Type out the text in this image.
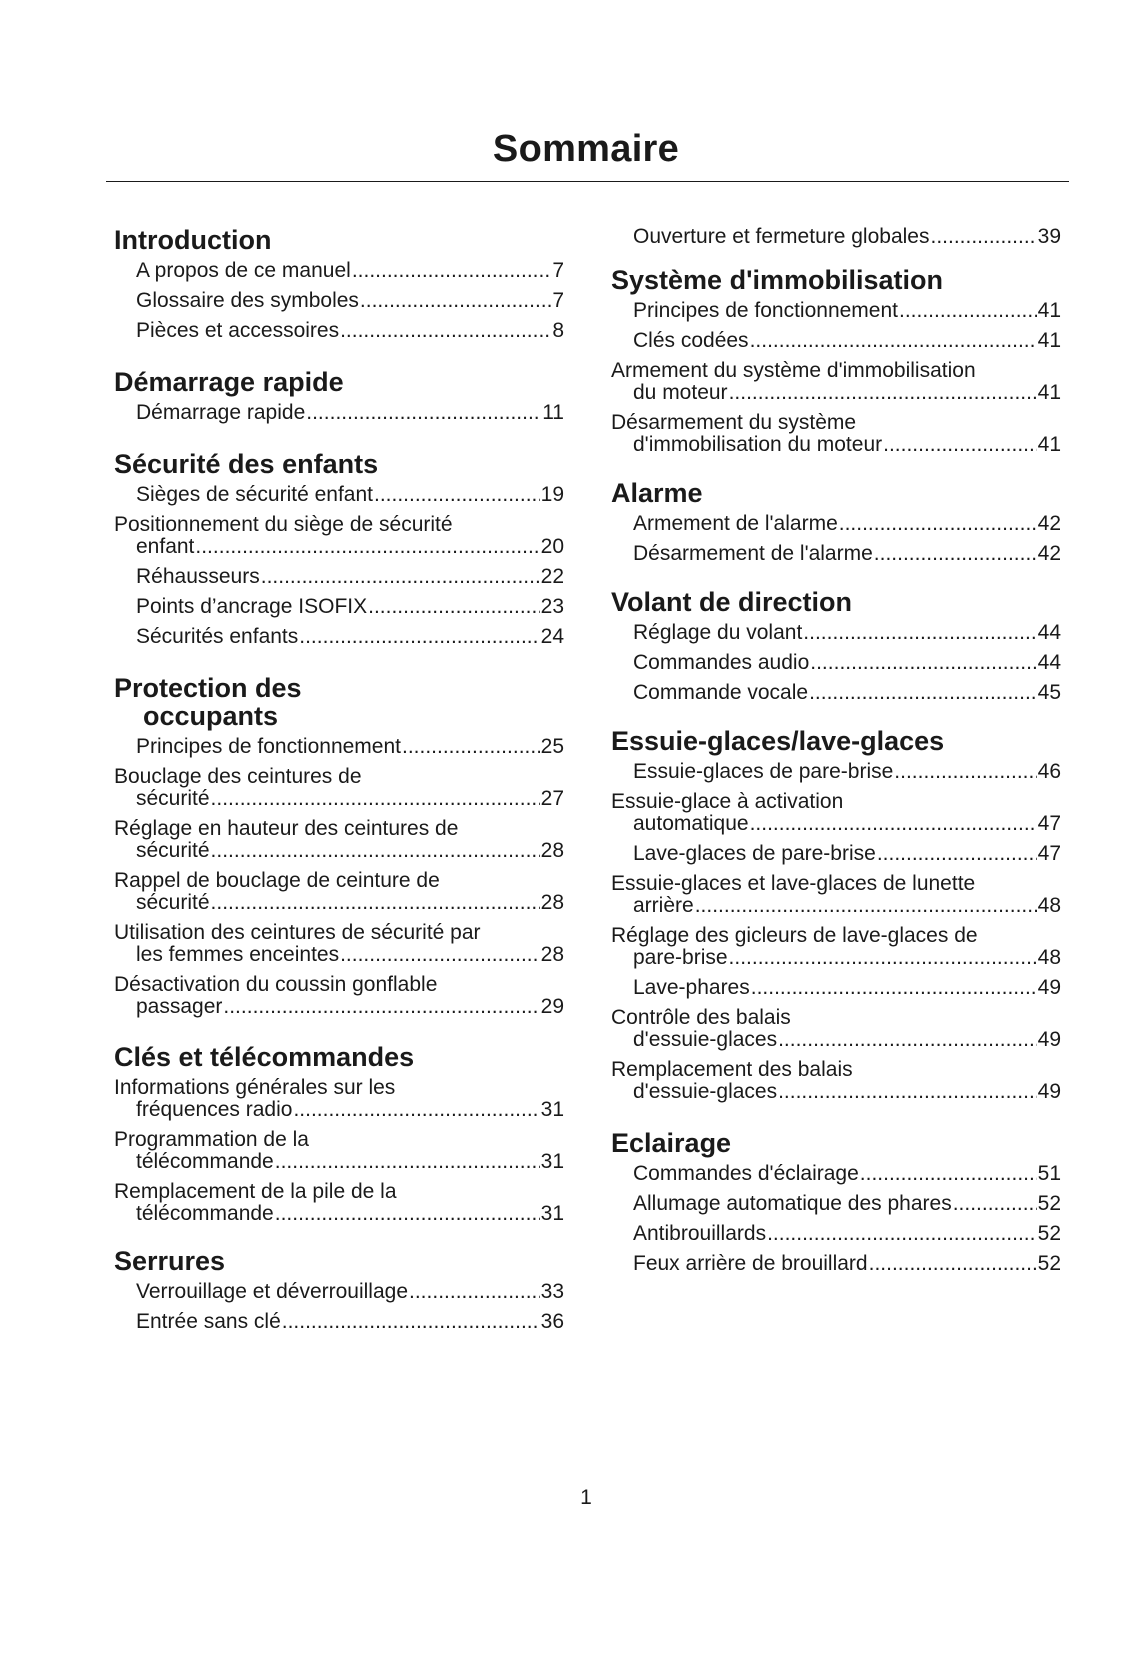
Sommaire
Introduction
A propos de ce manuel .....	7
Glossaire des symboles .....	7
Pièces et accessoires .....	8
Démarrage rapide
Démarrage rapide .....	11
Sécurité des enfants
Sièges de sécurité enfant .....	19
Positionnement du siège de sécurité

enfant .....	20
Réhausseurs .....	22
Points d’ancrage ISOFIX .....	23
Sécurités enfants .....	24
Protection des occupants
Principes de fonctionnement .....	25
Bouclage des ceintures de

sécurité .....	27
Réglage en hauteur des ceintures de

sécurité .....	28
Rappel de bouclage de ceinture de

sécurité .....	28
Utilisation des ceintures de sécurité par

les femmes enceintes .....	28
Désactivation du coussin gonflable

passager .....	29
Clés et télécommandes
Informations générales sur les

fréquences radio .....	31
Programmation de la

télécommande .....	31
Remplacement de la pile de la

télécommande .....	31
Serrures
Verrouillage et déverrouillage .....	33
Entrée sans clé .....	36
Ouverture et fermeture globales .....	39
Système d'immobilisation
Principes de fonctionnement .....	41
Clés codées .....	41
Armement du système d'immobilisation

du moteur .....	41
Désarmement du système

d'immobilisation du moteur .....	41
Alarme
Armement de l'alarme .....	42
Désarmement de l'alarme .....	42
Volant de direction
Réglage du volant .....	44
Commandes audio .....	44
Commande vocale .....	45
Essuie-glaces/lave-glaces
Essuie-glaces de pare-brise .....	46
Essuie-glace à activation

automatique .....	47
Lave-glaces de pare-brise .....	47
Essuie-glaces et lave-glaces de lunette

arrière .....	48
Réglage des gicleurs de lave-glaces de

pare-brise .....	48
Lave-phares .....	49
Contrôle des balais

d'essuie-glaces .....	49
Remplacement des balais

d'essuie-glaces .....	49
Eclairage
Commandes d'éclairage .....	51
Allumage automatique des phares .....	52
Antibrouillards .....	52
Feux arrière de brouillard .....	52
1
